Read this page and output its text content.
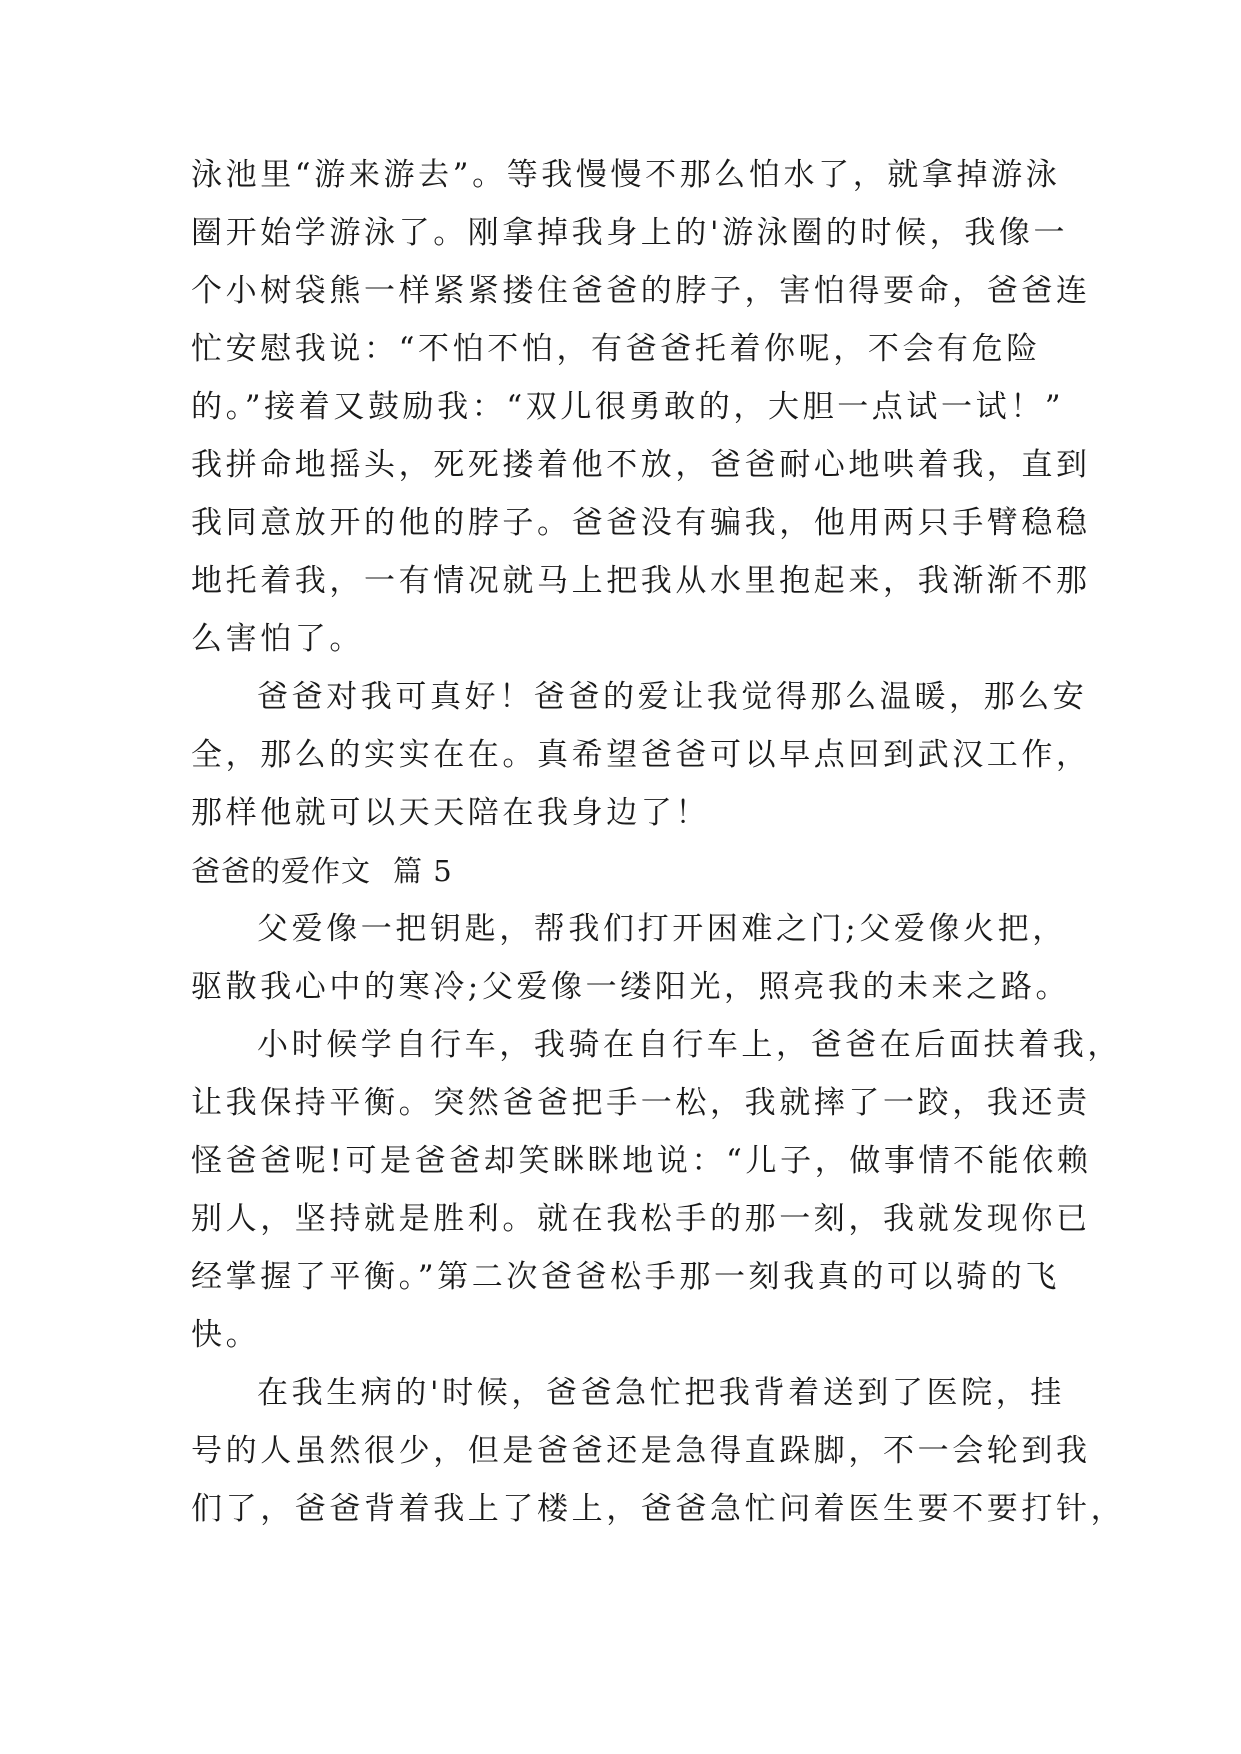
泳池里“游来游去”。等我慢慢不那么怕水了，就拿掉游泳
圈开始学游泳了。刚拿掉我身上的'游泳圈的时候，我像一
个小树袋熊一样紧紧搂住爸爸的脖子，害怕得要命，爸爸连
忙安慰我说：“不怕不怕，有爸爸托着你呢，不会有危险
的。”接着又鼓励我：“双儿很勇敢的，大胆一点试一试！”
我拼命地摇头，死死搂着他不放，爸爸耐心地哄着我，直到
我同意放开的他的脖子。爸爸没有骗我，他用两只手臂稳稳
地托着我，一有情况就马上把我从水里抱起来，我渐渐不那
么害怕了。
爸爸对我可真好！爸爸的爱让我觉得那么温暖，那么安
全，那么的实实在在。真希望爸爸可以早点回到武汉工作，
那样他就可以天天陪在我身边了！
爸爸的爱作文 篇 5
父爱像一把钥匙，帮我们打开困难之门;父爱像火把，
驱散我心中的寒冷;父爱像一缕阳光，照亮我的未来之路。
小时候学自行车，我骑在自行车上，爸爸在后面扶着我，
让我保持平衡。突然爸爸把手一松，我就摔了一跤，我还责
怪爸爸呢!可是爸爸却笑眯眯地说：“儿子，做事情不能依赖
别人，坚持就是胜利。就在我松手的那一刻，我就发现你已
经掌握了平衡。”第二次爸爸松手那一刻我真的可以骑的飞
快。
在我生病的'时候，爸爸急忙把我背着送到了医院，挂
号的人虽然很少，但是爸爸还是急得直跺脚，不一会轮到我
们了，爸爸背着我上了楼上，爸爸急忙问着医生要不要打针，
